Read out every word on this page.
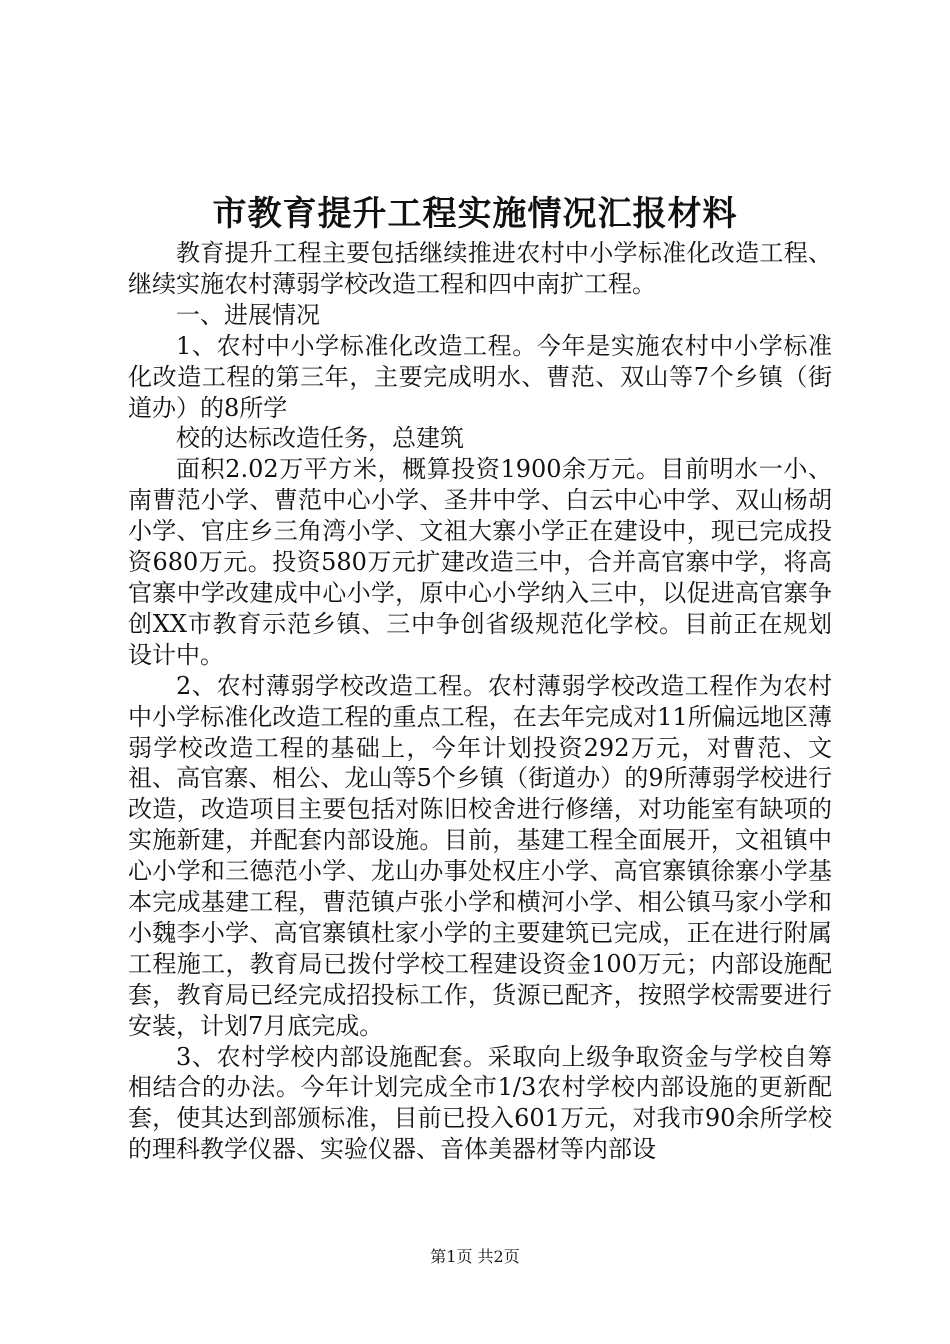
市教育提升工程实施情况汇报材料

教育提升工程主要包括继续推进农村中小学标准化改造工程、继续实施农村薄弱学校改造工程和四中南扩工程。

一、进展情况

1、农村中小学标准化改造工程。今年是实施农村中小学标准化改造工程的第三年，主要完成明水、曹范、双山等7个乡镇（街道办）的8所学

校的达标改造任务，总建筑

面积2.02万平方米，概算投资1900余万元。目前明水一小、南曹范小学、曹范中心小学、圣井中学、白云中心中学、双山杨胡小学、官庄乡三角湾小学、文祖大寨小学正在建设中，现已完成投资680万元。投资580万元扩建改造三中，合并高官寨中学，将高官寨中学改建成中心小学，原中心小学纳入三中，以促进高官寨争创XX市教育示范乡镇、三中争创省级规范化学校。目前正在规划设计中。

2、农村薄弱学校改造工程。农村薄弱学校改造工程作为农村中小学标准化改造工程的重点工程，在去年完成对11所偏远地区薄弱学校改造工程的基础上，今年计划投资292万元，对曹范、文祖、高官寨、相公、龙山等5个乡镇（街道办）的9所薄弱学校进行改造，改造项目主要包括对陈旧校舍进行修缮，对功能室有缺项的实施新建，并配套内部设施。目前，基建工程全面展开，文祖镇中心小学和三德范小学、龙山办事处权庄小学、高官寨镇徐寨小学基本完成基建工程，曹范镇卢张小学和横河小学、相公镇马家小学和小魏李小学、高官寨镇杜家小学的主要建筑已完成，正在进行附属工程施工，教育局已拨付学校工程建设资金100万元；内部设施配套，教育局已经完成招投标工作，货源已配齐，按照学校需要进行安装，计划7月底完成。

3、农村学校内部设施配套。采取向上级争取资金与学校自筹相结合的办法。今年计划完成全市1/3农村学校内部设施的更新配套，使其达到部颁标准，目前已投入601万元，对我市90余所学校的理科教学仪器、实验仪器、音体美器材等内部设

第1页 共2页
